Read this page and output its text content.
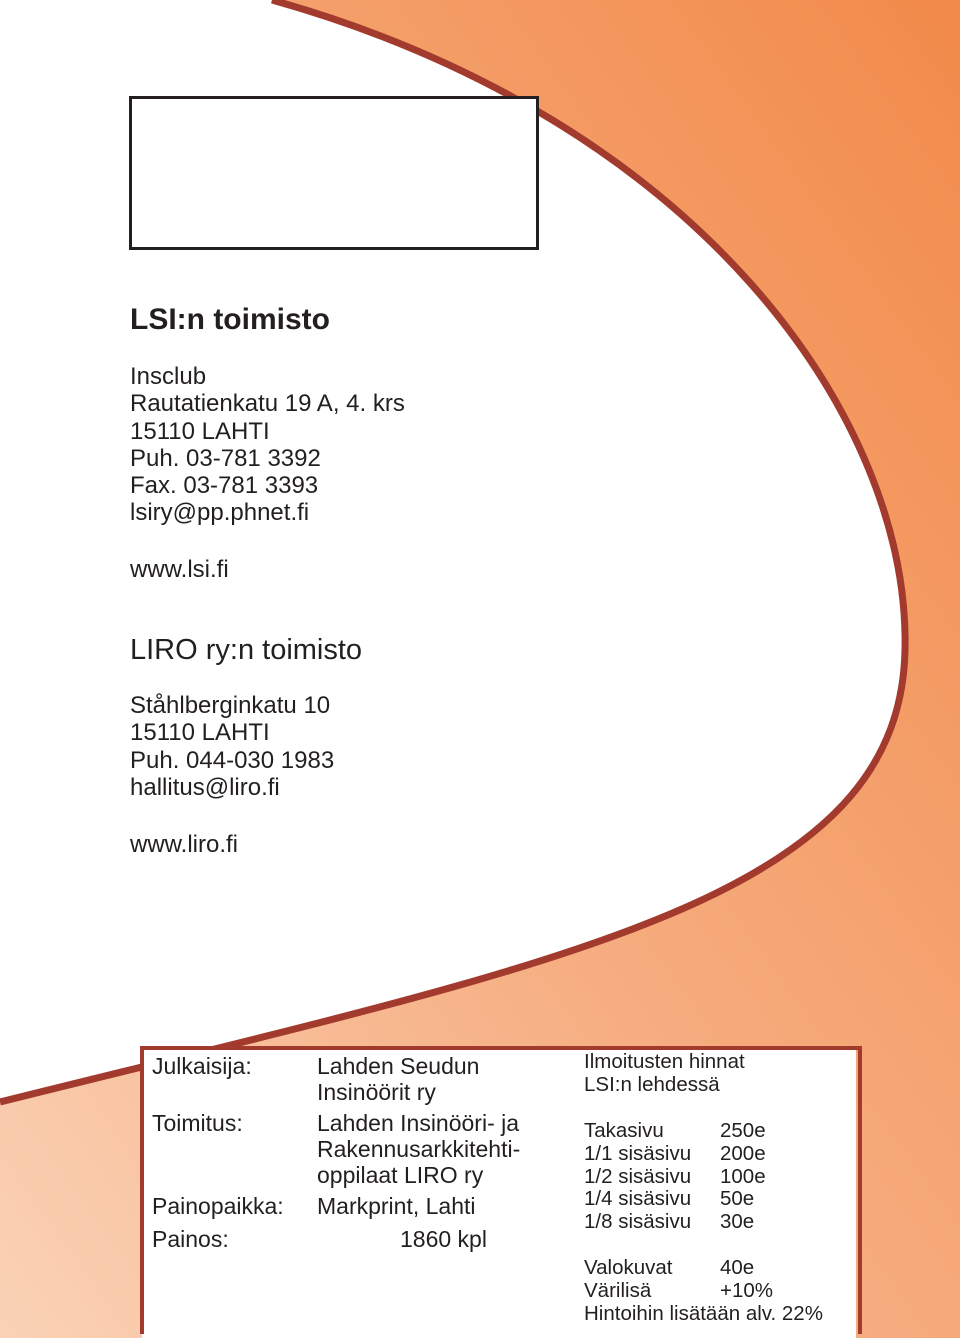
LSI:n toimisto
Insclub
Rautatienkatu 19 A, 4. krs
15110 LAHTI
Puh. 03-781 3392
Fax. 03-781 3393
lsiry@pp.phnet.fi
www.lsi.fi
LIRO ry:n toimisto
Ståhlberginkatu 10
15110 LAHTI
Puh. 044-030 1983
hallitus@liro.fi
www.liro.fi
Julkaisija:	Lahden Seudun
Insinöörit ry
Toimitus:	Lahden Insinööri- ja
Rakennusarkkitehti-
oppilaat LIRO ry
Painopaikka: Markprint, Lahti
Painos:	1860 kpl
Ilmoitusten hinnat
LSI:n lehdessä
Takasivu	250e
1/1 sisäsivu 200e
1/2 sisäsivu 100e
1/4 sisäsivu 50e
1/8 sisäsivu 30e
Valokuvat 40e
Värilisä	+10%
Hintoihin lisätään alv. 22%
